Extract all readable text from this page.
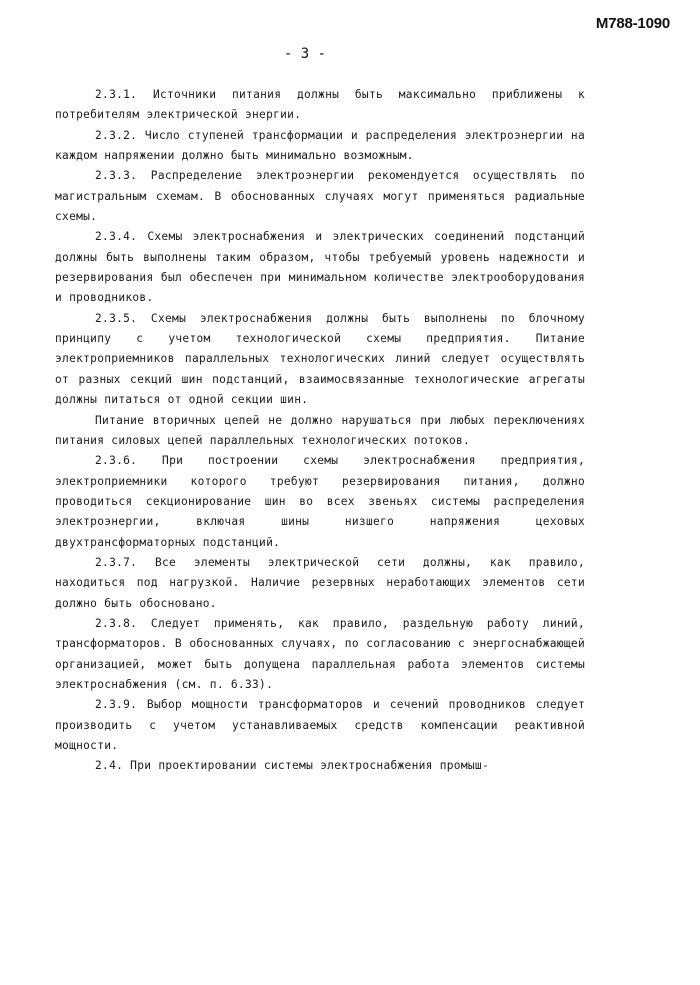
М788-1090
- 3 -

2.3.1. Источники питания должны быть максимально приближены к потребителям электрической энергии.

2.3.2. Число ступеней трансформации и распределения электроэнергии на каждом напряжении должно быть минимально возможным.

2.3.3. Распределение электроэнергии рекомендуется осуществлять по магистральным схемам. В обоснованных случаях могут применяться радиальные схемы.

2.3.4. Схемы электроснабжения и электрических соединений подстанций должны быть выполнены таким образом, чтобы требуемый уровень надежности и резервирования был обеспечен при минимальном количестве электрооборудования и проводников.

2.3.5. Схемы электроснабжения должны быть выполнены по блочному принципу с учетом технологической схемы предприятия. Питание электроприемников параллельных технологических линий следует осуществлять от разных секций шин подстанций, взаимосвязанные технологические агрегаты должны питаться от одной секции шин.

Питание вторичных цепей не должно нарушаться при любых переключениях питания силовых цепей параллельных технологических потоков.

2.3.6. При построении схемы электроснабжения предприятия, электроприемники которого требуют резервирования питания, должно проводиться секционирование шин во всех звеньях системы распределения электроэнергии, включая шины низшего напряжения цеховых двухтрансформаторных подстанций.

2.3.7. Все элементы электрической сети должны, как правило, находиться под нагрузкой. Наличие резервных неработающих элементов сети должно быть обосновано.

2.3.8. Следует применять, как правило, раздельную работу линий, трансформаторов. В обоснованных случаях, по согласованию с энергоснабжающей организацией, может быть допущена параллельная работа элементов системы электроснабжения (см. п. 6.33).

2.3.9. Выбор мощности трансформаторов и сечений проводников следует производить с учетом устанавливаемых средств компенсации реактивной мощности.

2.4. При проектировании системы электроснабжения промыш-
